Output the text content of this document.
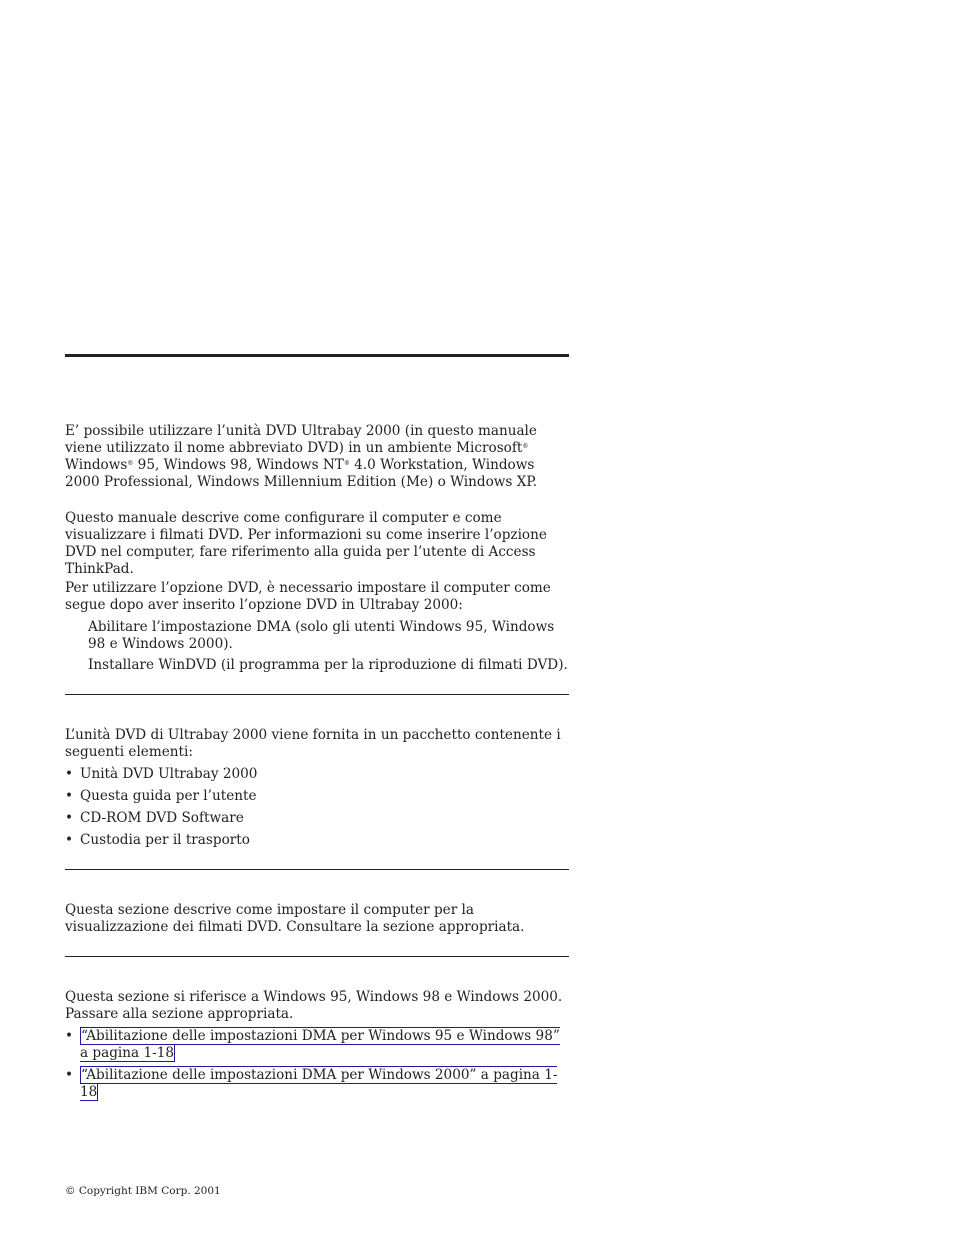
E’ possibile utilizzare l’unità DVD Ultrabay 2000 (in questo manuale viene utilizzato il nome abbreviato DVD) in un ambiente Microsoft® Windows® 95, Windows 98, Windows NT® 4.0 Workstation, Windows 2000 Professional, Windows Millennium Edition (Me) o Windows XP.

Questo manuale descrive come configurare il computer e come visualizzare i filmati DVD. Per informazioni su come inserire l’opzione DVD nel computer, fare riferimento alla guida per l’utente di Access ThinkPad.

Per utilizzare l’opzione DVD, è necessario impostare il computer come segue dopo aver inserito l’opzione DVD in Ultrabay 2000:

Abilitare l’impostazione DMA (solo gli utenti Windows 95, Windows 98 e Windows 2000).

Installare WinDVD (il programma per la riproduzione di filmati DVD).

L’unità DVD di Ultrabay 2000 viene fornita in un pacchetto contenente i seguenti elementi:

• Unità DVD Ultrabay 2000
• Questa guida per l’utente
• CD-ROM DVD Software
• Custodia per il trasporto

Questa sezione descrive come impostare il computer per la visualizzazione dei filmati DVD. Consultare la sezione appropriata.

Questa sezione si riferisce a Windows 95, Windows 98 e Windows 2000. Passare alla sezione appropriata.

• “Abilitazione delle impostazioni DMA per Windows 95 e Windows 98” a pagina 1-18
• “Abilitazione delle impostazioni DMA per Windows 2000” a pagina 1-18
© Copyright IBM Corp. 2001
